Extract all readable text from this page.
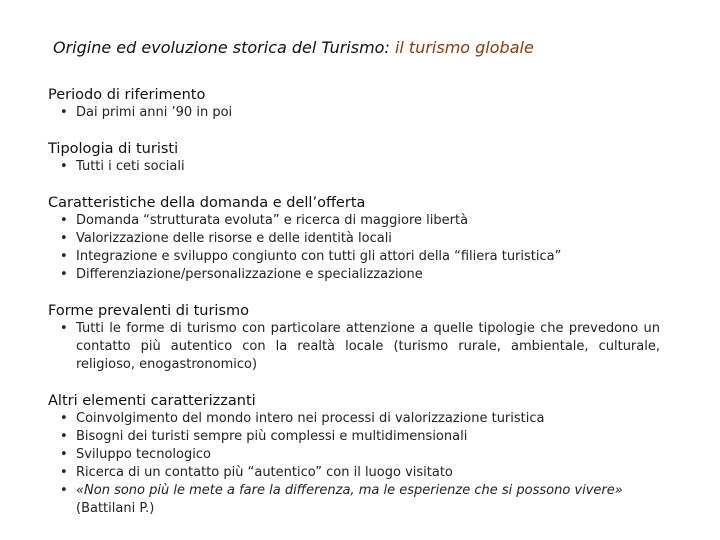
Origine ed evoluzione storica del Turismo: il turismo globale

Periodo di riferimento

• Dai primi anni ’90 in poi

Tipologia di turisti

• Tutti i ceti sociali

Caratteristiche della domanda e dell’offerta

• Domanda “strutturata evoluta” e ricerca di maggiore libertà
• Valorizzazione delle risorse e delle identità locali
• Integrazione e sviluppo congiunto con tutti gli attori della “filiera turistica”
• Differenziazione/personalizzazione e specializzazione

Forme prevalenti di turismo

• Tutti le forme di turismo con particolare attenzione a quelle tipologie che prevedono un contatto più autentico con la realtà locale (turismo rurale, ambientale, culturale, religioso, enogastronomico)

Altri elementi caratterizzanti

• Coinvolgimento del mondo intero nei processi di valorizzazione turistica
• Bisogni dei turisti sempre più complessi e multidimensionali
• Sviluppo tecnologico
• Ricerca di un contatto più “autentico” con il luogo visitato
• «Non sono più le mete a fare la differenza, ma le esperienze che si possono vivere»
(Battilani P.)
